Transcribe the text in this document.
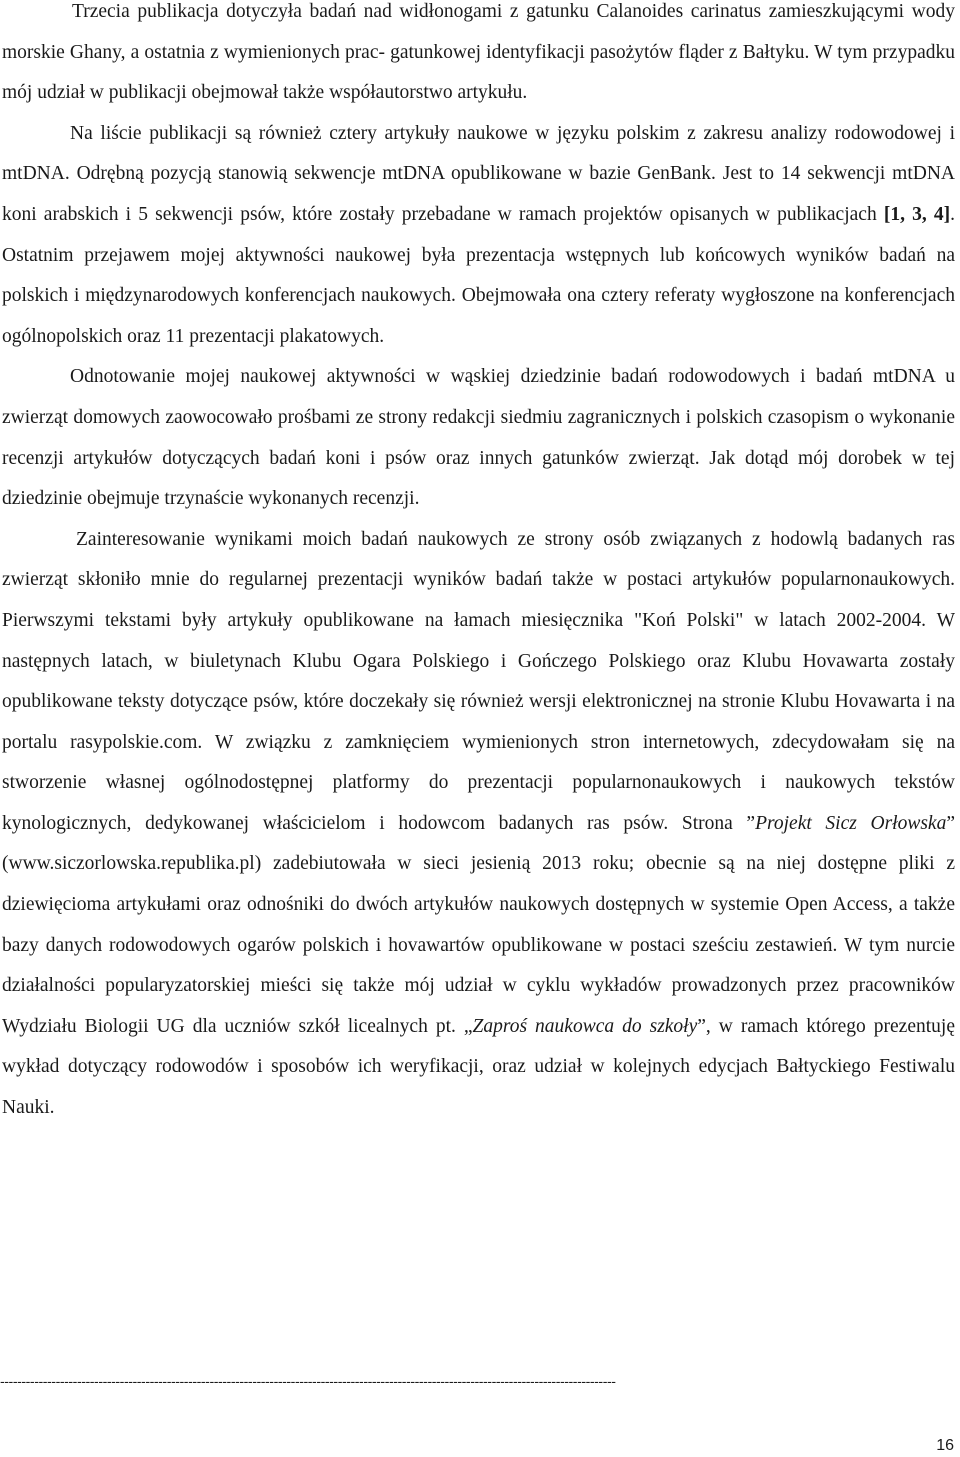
Trzecia publikacja dotyczyła badań nad widłonogami z gatunku Calanoides carinatus zamieszkującymi wody morskie Ghany, a ostatnia z wymienionych prac- gatunkowej identyfikacji pasożytów fląder z Bałtyku. W tym przypadku mój udział w publikacji obejmował także współautorstwo artykułu.

Na liście publikacji są również cztery artykuły naukowe w języku polskim z zakresu analizy rodowodowej i mtDNA. Odrębną pozycją stanowią sekwencje mtDNA opublikowane w bazie GenBank. Jest to 14 sekwencji mtDNA koni arabskich i 5 sekwencji psów, które zostały przebadane w ramach projektów opisanych w publikacjach [1, 3, 4]. Ostatnim przejawem mojej aktywności naukowej była prezentacja wstępnych lub końcowych wyników badań na polskich i międzynarodowych konferencjach naukowych. Obejmowała ona cztery referaty wygłoszone na konferencjach ogólnopolskich oraz 11 prezentacji plakatowych.

Odnotowanie mojej naukowej aktywności w wąskiej dziedzinie badań rodowodowych i badań mtDNA u zwierząt domowych zaowocowało prośbami ze strony redakcji siedmiu zagranicznych i polskich czasopism o wykonanie recenzji artykułów dotyczących badań koni i psów oraz innych gatunków zwierząt. Jak dotąd mój dorobek w tej dziedzinie obejmuje trzynaście wykonanych recenzji.

Zainteresowanie wynikami moich badań naukowych ze strony osób związanych z hodowlą badanych ras zwierząt skłoniło mnie do regularnej prezentacji wyników badań także w postaci artykułów popularnonaukowych. Pierwszymi tekstami były artykuły opublikowane na łamach miesięcznika "Koń Polski" w latach 2002-2004. W następnych latach, w biuletynach Klubu Ogara Polskiego i Gończego Polskiego oraz Klubu Hovawarta zostały opublikowane teksty dotyczące psów, które doczekały się również wersji elektronicznej na stronie Klubu Hovawarta i na portalu rasypolskie.com. W związku z zamknięciem wymienionych stron internetowych, zdecydowałam się na stworzenie własnej ogólnodostępnej platformy do prezentacji popularnonaukowych i naukowych tekstów kynologicznych, dedykowanej właścicielom i hodowcom badanych ras psów. Strona ”Projekt Sicz Orłowska” (www.siczorlowska.republika.pl) zadebiutowała w sieci jesienią 2013 roku; obecnie są na niej dostępne pliki z dziewięcioma artykułami oraz odnośniki do dwóch artykułów naukowych dostępnych w systemie Open Access, a także bazy danych rodowodowych ogarów polskich i hovawartów opublikowane w postaci sześciu zestawień. W tym nurcie działalności popularyzatorskiej mieści się także mój udział w cyklu wykładów prowadzonych przez pracowników Wydziału Biologii UG dla uczniów szkół licealnych pt. „Zaproś naukowca do szkoły”, w ramach którego prezentuję wykład dotyczący rodowodów i sposobów ich weryfikacji, oraz udział w kolejnych edycjach Bałtyckiego Festiwalu Nauki.

------------------------------------------------------------------------------------------------------------------------------------------------
16
